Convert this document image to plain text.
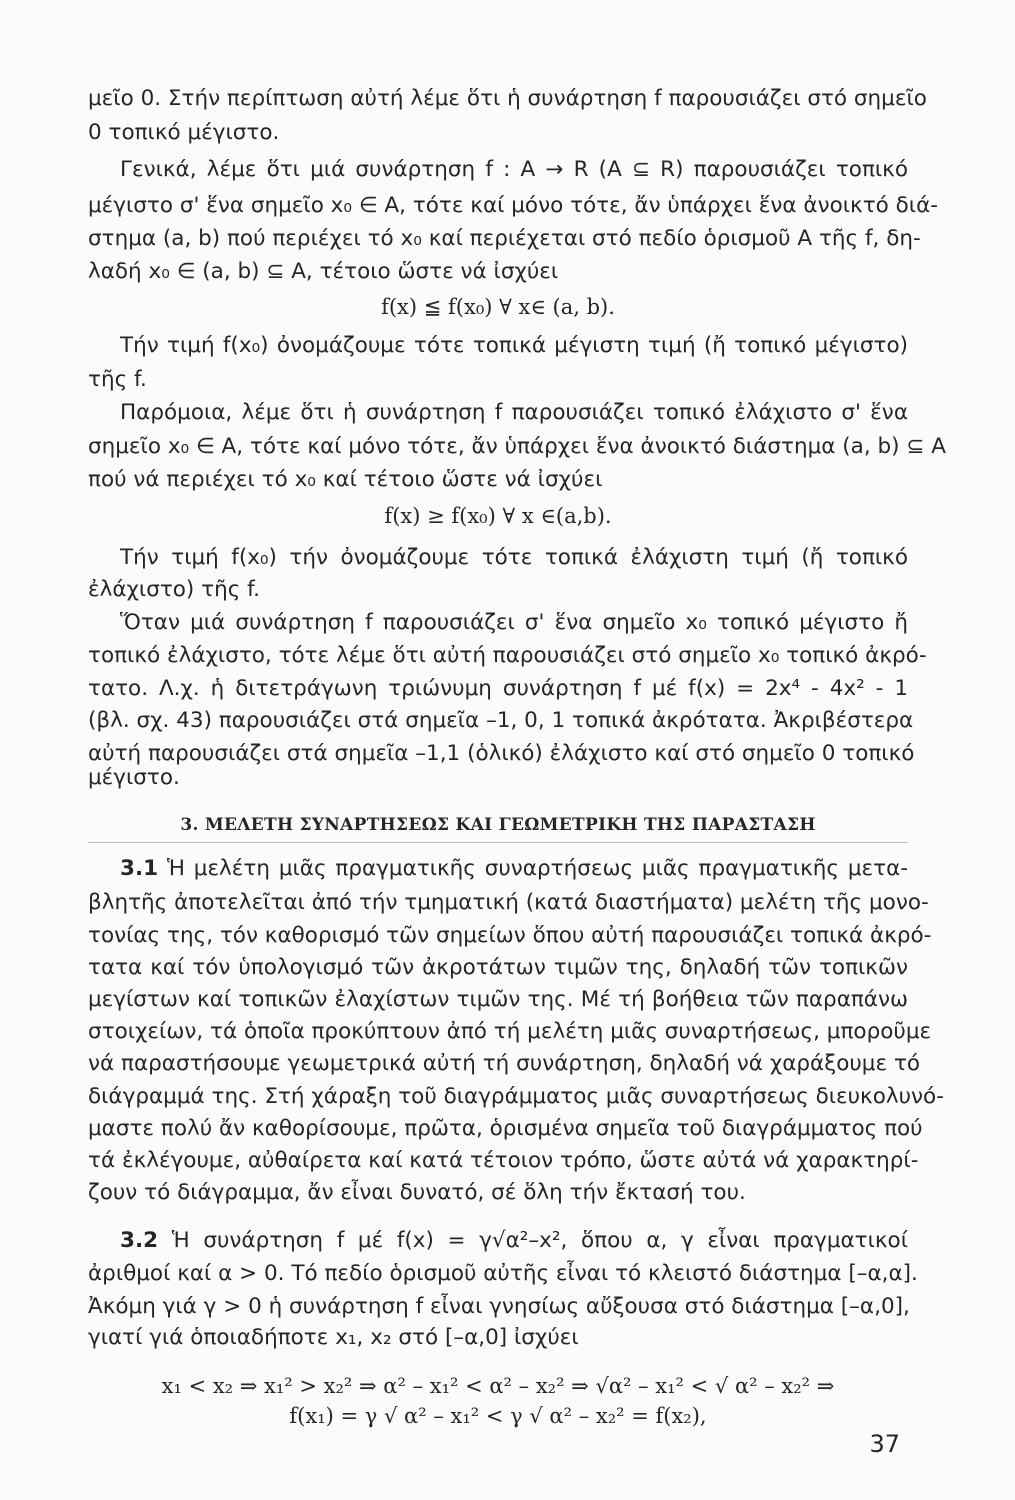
μεῖο 0. Στήν περίπτωση αὐτή λέμε ὅτι ἡ συνάρτηση f παρουσιάζει στό σημεῖο
0 τοπικό μέγιστο.
Γενικά, λέμε ὅτι μιά συνάρτηση f : A → R (A ⊆ R) παρουσιάζει τοπικό
μέγιστο σ' ἕνα σημεῖο x₀ ∈ A, τότε καί μόνο τότε, ἄν ὑπάρχει ἕνα ἀνοικτό διά-
στημα (a, b) πού περιέχει τό x₀ καί περιέχεται στό πεδίο ὁρισμοῦ A τῆς f, δη-
λαδή x₀ ∈ (a, b) ⊆ A, τέτοιο ὥστε νά ἰσχύει
f(x) ≦ f(x₀) ∀ x∈ (a, b).
Τήν τιμή f(x₀) ὀνομάζουμε τότε τοπικά μέγιστη τιμή (ἤ τοπικό μέγιστο)
τῆς f.
Παρόμοια, λέμε ὅτι ἡ συνάρτηση f παρουσιάζει τοπικό ἐλάχιστο σ' ἕνα
σημεῖο x₀ ∈ A, τότε καί μόνο τότε, ἄν ὑπάρχει ἕνα ἀνοικτό διάστημα (a, b) ⊆ A
πού νά περιέχει τό x₀ καί τέτοιο ὥστε νά ἰσχύει
f(x) ≥ f(x₀) ∀ x ∈(a,b).
Τήν τιμή f(x₀) τήν ὀνομάζουμε τότε τοπικά ἐλάχιστη τιμή (ἤ τοπικό
ἐλάχιστο) τῆς f.
Ὅταν μιά συνάρτηση f παρουσιάζει σ' ἕνα σημεῖο x₀ τοπικό μέγιστο ἤ
τοπικό ἐλάχιστο, τότε λέμε ὅτι αὐτή παρουσιάζει στό σημεῖο x₀ τοπικό ἀκρό-
τατο. Λ.χ. ἡ διτετράγωνη τριώνυμη συνάρτηση f μέ f(x) = 2x⁴ - 4x² - 1
(βλ. σχ. 43) παρουσιάζει στά σημεῖα –1, 0, 1 τοπικά ἀκρότατα. Ἀκριβέστερα
αὐτή παρουσιάζει στά σημεῖα –1,1 (ὁλικό) ἐλάχιστο καί στό σημεῖο 0 τοπικό
μέγιστο.
3. ΜΕΛΕΤΗ ΣΥΝΑΡΤΗΣΕΩΣ ΚΑΙ ΓΕΩΜΕΤΡΙΚΗ ΤΗΣ ΠΑΡΑΣΤΑΣΗ
3.1 Ἡ μελέτη μιᾶς πραγματικῆς συναρτήσεως μιᾶς πραγματικῆς μετα-
βλητῆς ἀποτελεῖται ἀπό τήν τμηματική (κατά διαστήματα) μελέτη τῆς μονο-
τονίας της, τόν καθορισμό τῶν σημείων ὅπου αὐτή παρουσιάζει τοπικά ἀκρό-
τατα καί τόν ὑπολογισμό τῶν ἀκροτάτων τιμῶν της, δηλαδή τῶν τοπικῶν
μεγίστων καί τοπικῶν ἐλαχίστων τιμῶν της. Μέ τή βοήθεια τῶν παραπάνω
στοιχείων, τά ὁποῖα προκύπτουν ἀπό τή μελέτη μιᾶς συναρτήσεως, μποροῦμε
νά παραστήσουμε γεωμετρικά αὐτή τή συνάρτηση, δηλαδή νά χαράξουμε τό
διάγραμμά της. Στή χάραξη τοῦ διαγράμματος μιᾶς συναρτήσεως διευκολυνό-
μαστε πολύ ἄν καθορίσουμε, πρῶτα, ὁρισμένα σημεῖα τοῦ διαγράμματος πού
τά ἐκλέγουμε, αὐθαίρετα καί κατά τέτοιον τρόπο, ὥστε αὐτά νά χαρακτηρί-
ζουν τό διάγραμμα, ἄν εἶναι δυνατό, σέ ὅλη τήν ἔκτασή του.
3.2 Ἡ συνάρτηση f μέ f(x) = γ√α²–x², ὅπου α, γ εἶναι πραγματικοί
ἀριθμοί καί α > 0. Τό πεδίο ὁρισμοῦ αὐτῆς εἶναι τό κλειστό διάστημα [–α,α].
Ἀκόμη γιά γ > 0 ἡ συνάρτηση f εἶναι γνησίως αὔξουσα στό διάστημα [–α,0],
γιατί γιά ὁποιαδήποτε x₁, x₂ στό [–α,0] ἰσχύει
x₁ < x₂ ⇒ x₁² > x₂² ⇒ α² – x₁² < α² – x₂² ⇒ √α² – x₁² < √ α² – x₂² ⇒
f(x₁) = γ √ α² – x₁² < γ √ α² – x₂² = f(x₂),
37
